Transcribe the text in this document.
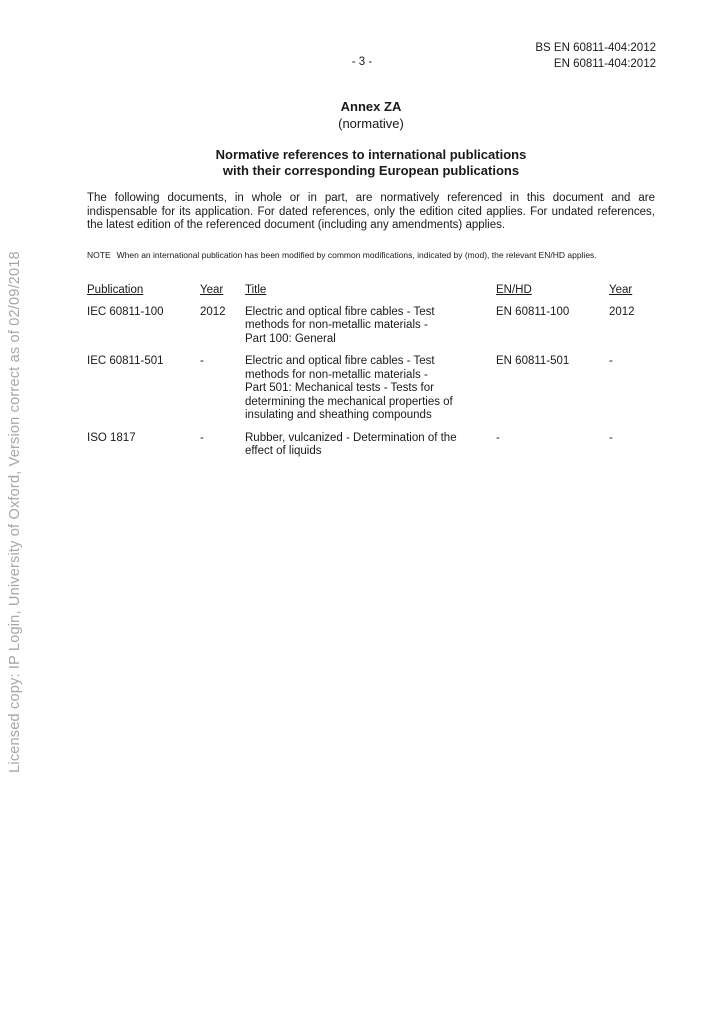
BS EN 60811-404:2012
EN 60811-404:2012
- 3 -
Annex ZA
(normative)
Normative references to international publications
with their corresponding European publications
The following documents, in whole or in part, are normatively referenced in this document and are indispensable for its application. For dated references, only the edition cited applies. For undated references, the latest edition of the referenced document (including any amendments) applies.
NOTE When an international publication has been modified by common modifications, indicated by (mod), the relevant EN/HD applies.
Publication	Year	Title	EN/HD	Year
IEC 60811-100	2012	Electric and optical fibre cables - Test
methods for non-metallic materials -
Part 100: General	EN 60811-100	2012
IEC 60811-501	-	Electric and optical fibre cables - Test
methods for non-metallic materials -
Part 501: Mechanical tests - Tests for
determining the mechanical properties of
insulating and sheathing compounds	EN 60811-501	-
ISO 1817	-	Rubber, vulcanized - Determination of the
effect of liquids	-	-
Licensed copy: IP Login, University of Oxford, Version correct as of 02/09/2018
